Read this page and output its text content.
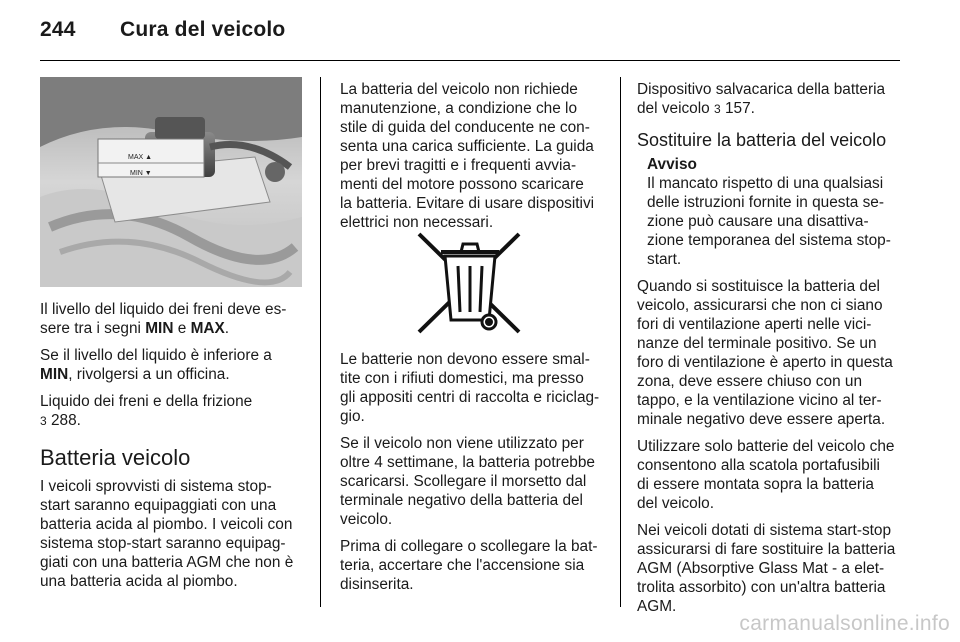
244 Cura del veicolo
MAX ▲
MIN ▼

Il livello del liquido dei freni deve es-
sere tra i segni MIN e MAX.

Se il livello del liquido è inferiore a
MIN, rivolgersi a un officina.

Liquido dei freni e della frizione
3 288.

Batteria veicolo

I veicoli sprovvisti di sistema stop-
start saranno equipaggiati con una
batteria acida al piombo. I veicoli con
sistema stop-start saranno equipag-
giati con una batteria AGM che non è
una batteria acida al piombo.

La batteria del veicolo non richiede
manutenzione, a condizione che lo
stile di guida del conducente ne con-
senta una carica sufficiente. La guida
per brevi tragitti e i frequenti avvia-
menti del motore possono scaricare
la batteria. Evitare di usare dispositivi
elettrici non necessari.

Le batterie non devono essere smal-
tite con i rifiuti domestici, ma presso
gli appositi centri di raccolta e riciclag-
gio.

Se il veicolo non viene utilizzato per
oltre 4 settimane, la batteria potrebbe
scaricarsi. Scollegare il morsetto dal
terminale negativo della batteria del
veicolo.

Prima di collegare o scollegare la bat-
teria, accertare che l'accensione sia
disinserita.

Dispositivo salvacarica della batteria
del veicolo 3 157.

Sostituire la batteria del veicolo
Avviso
Il mancato rispetto di una qualsiasi
delle istruzioni fornite in questa se-
zione può causare una disattiva-
zione temporanea del sistema stop-
start.

Quando si sostituisce la batteria del
veicolo, assicurarsi che non ci siano
fori di ventilazione aperti nelle vici-
nanze del terminale positivo. Se un
foro di ventilazione è aperto in questa
zona, deve essere chiuso con un
tappo, e la ventilazione vicino al ter-
minale negativo deve essere aperta.

Utilizzare solo batterie del veicolo che
consentono alla scatola portafusibili
di essere montata sopra la batteria
del veicolo.

Nei veicoli dotati di sistema start-stop
assicurarsi di fare sostituire la batteria
AGM (Absorptive Glass Mat - a elet-
trolita assorbito) con un'altra batteria
AGM.

carmanualsonline.info
